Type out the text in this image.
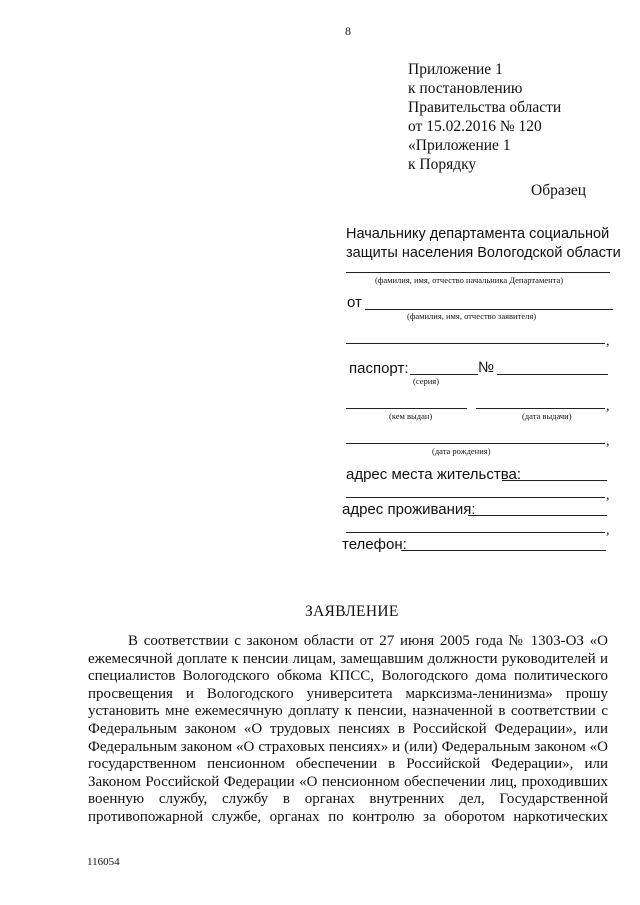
8
Приложение 1
к постановлению
Правительства области
от 15.02.2016 № 120
«Приложение 1
к Порядку
Образец
Начальнику департамента социальной
защиты населения Вологодской области
(фамилия, имя, отчество начальника Департамента)
от
(фамилия, имя, отчество заявителя)
,
паспорт:	№
(серия)
,
(кем выдан)	(дата выдачи)
,
(дата рождения)
адрес места жительства:
,
адрес проживания:
,
телефон:
ЗАЯВЛЕНИЕ
В соответствии с законом области от 27 июня 2005 года № 1303-ОЗ «О
ежемесячной доплате к пенсии лицам, замещавшим должности руководителей и
специалистов Вологодского обкома КПСС, Вологодского дома политического
просвещения и Вологодского университета марксизма-ленинизма» прошу
установить мне ежемесячную доплату к пенсии, назначенной в соответствии с
Федеральным законом «О трудовых пенсиях в Российской Федерации», или
Федеральным законом «О страховых пенсиях» и (или) Федеральным законом «О
государственном пенсионном обеспечении в Российской Федерации», или
Законом Российской Федерации «О пенсионном обеспечении лиц, проходивших
военную службу, службу в органах внутренних дел, Государственной
противопожарной службе, органах по контролю за оборотом наркотических
116054
